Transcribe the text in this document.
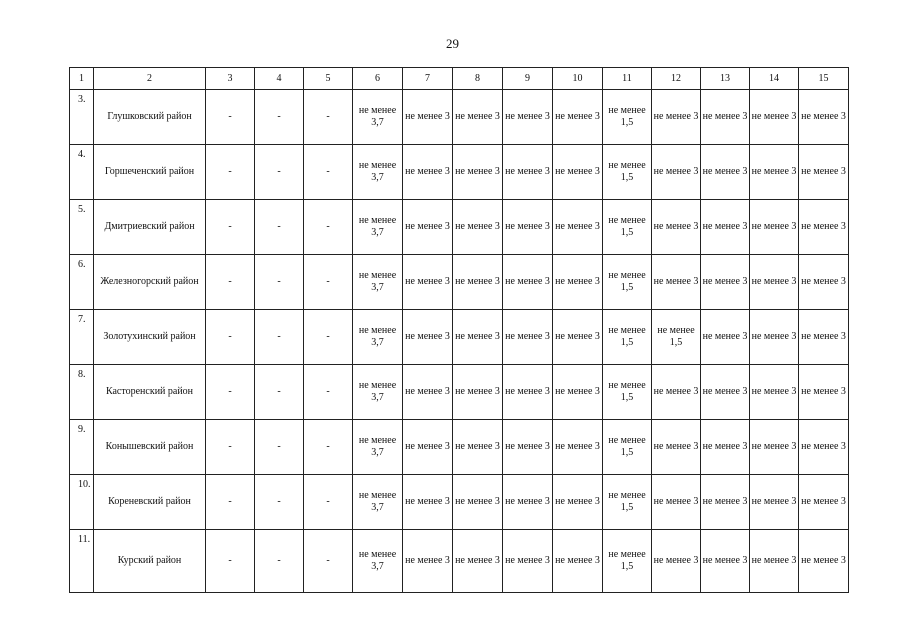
29
1	2	3	4	5	6	7	8	9	10	11	12	13	14	15
3.	Глушковский район	-	-	-	не менее 3,7	не менее 3	не менее 3	не менее 3	не менее 3	не менее 1,5	не менее 3	не менее 3	не менее 3	не менее 3
4.	Горшеченский район	-	-	-	не менее 3,7	не менее 3	не менее 3	не менее 3	не менее 3	не менее 1,5	не менее 3	не менее 3	не менее 3	не менее 3
5.	Дмитриевский район	-	-	-	не менее 3,7	не менее 3	не менее 3	не менее 3	не менее 3	не менее 1,5	не менее 3	не менее 3	не менее 3	не менее 3
6.	Железногорский район	-	-	-	не менее 3,7	не менее 3	не менее 3	не менее 3	не менее 3	не менее 1,5	не менее 3	не менее 3	не менее 3	не менее 3
7.	Золотухинский район	-	-	-	не менее 3,7	не менее 3	не менее 3	не менее 3	не менее 3	не менее 1,5	не менее 1,5	не менее 3	не менее 3	не менее 3
8.	Касторенский район	-	-	-	не менее 3,7	не менее 3	не менее 3	не менее 3	не менее 3	не менее 1,5	не менее 3	не менее 3	не менее 3	не менее 3
9.	Конышевский район	-	-	-	не менее 3,7	не менее 3	не менее 3	не менее 3	не менее 3	не менее 1,5	не менее 3	не менее 3	не менее 3	не менее 3
10.	Кореневский район	-	-	-	не менее 3,7	не менее 3	не менее 3	не менее 3	не менее 3	не менее 1,5	не менее 3	не менее 3	не менее 3	не менее 3
11.	Курский район	-	-	-	не менее 3,7	не менее 3	не менее 3	не менее 3	не менее 3	не менее 1,5	не менее 3	не менее 3	не менее 3	не менее 3
